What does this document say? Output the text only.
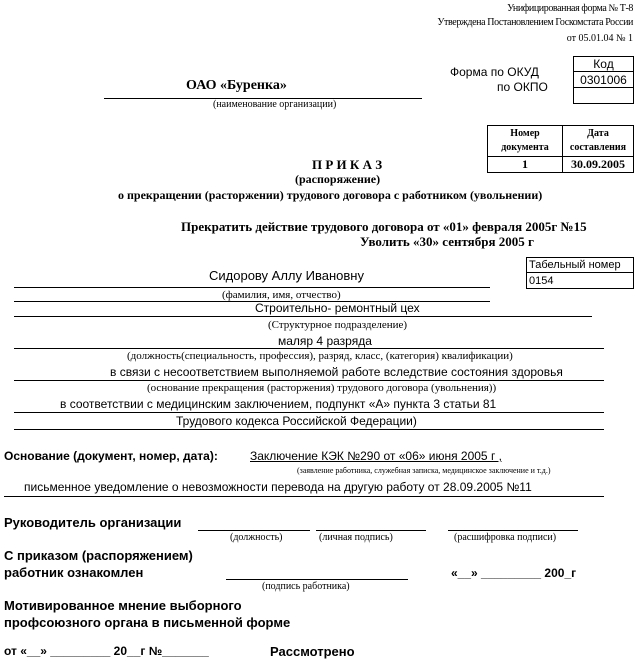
Унифицированная форма № Т-8
Утверждена Постановлением Госкомстата России
от 05.01.04 № 1
ОАО «Буренка»
(наименование организации)
Форма по ОКУД
по ОКПО
Код
0301006

Номер документа	Дата составления
1	30.09.2005
П Р И К А З
(распоряжение)
о прекращении (расторжении) трудового договора с работником (увольнении)
Прекратить действие трудового договора от «01» февраля 2005г №15
Уволить «30» сентября 2005 г
Табельный номер
0154
Сидорову Аллу Ивановну
(фамилия, имя, отчество)
Строительно- ремонтный цех
(Структурное подразделение)
маляр 4 разряда
(должность(специальность, профессия), разряд, класс, (категория) квалификации)
в связи с несоответствием выполняемой работе вследствие состояния здоровья
(основание прекращения (расторжения) трудового договора (увольнения))
в соответствии с медицинским заключением, подпункт «А» пункта 3 статьи 81
Трудового кодекса Российской Федерации)
Основание (документ, номер, дата):	Заключение КЭК №290 от «06» июня 2005 г ,
(заявление работника, служебная записка, медицинское заключение и т.д.)
письменное уведомление о невозможности перевода на другую работу от 28.09.2005 №11
Руководитель организации
(должность)	(личная подпись)	(расшифровка подписи)
С приказом (распоряжением)
работник ознакомлен
(подпись работника)
«__» _________ 200_г
Мотивированное мнение выборного
профсоюзного органа в письменной форме
от «__» _________ 20__г №_______	Рассмотрено
